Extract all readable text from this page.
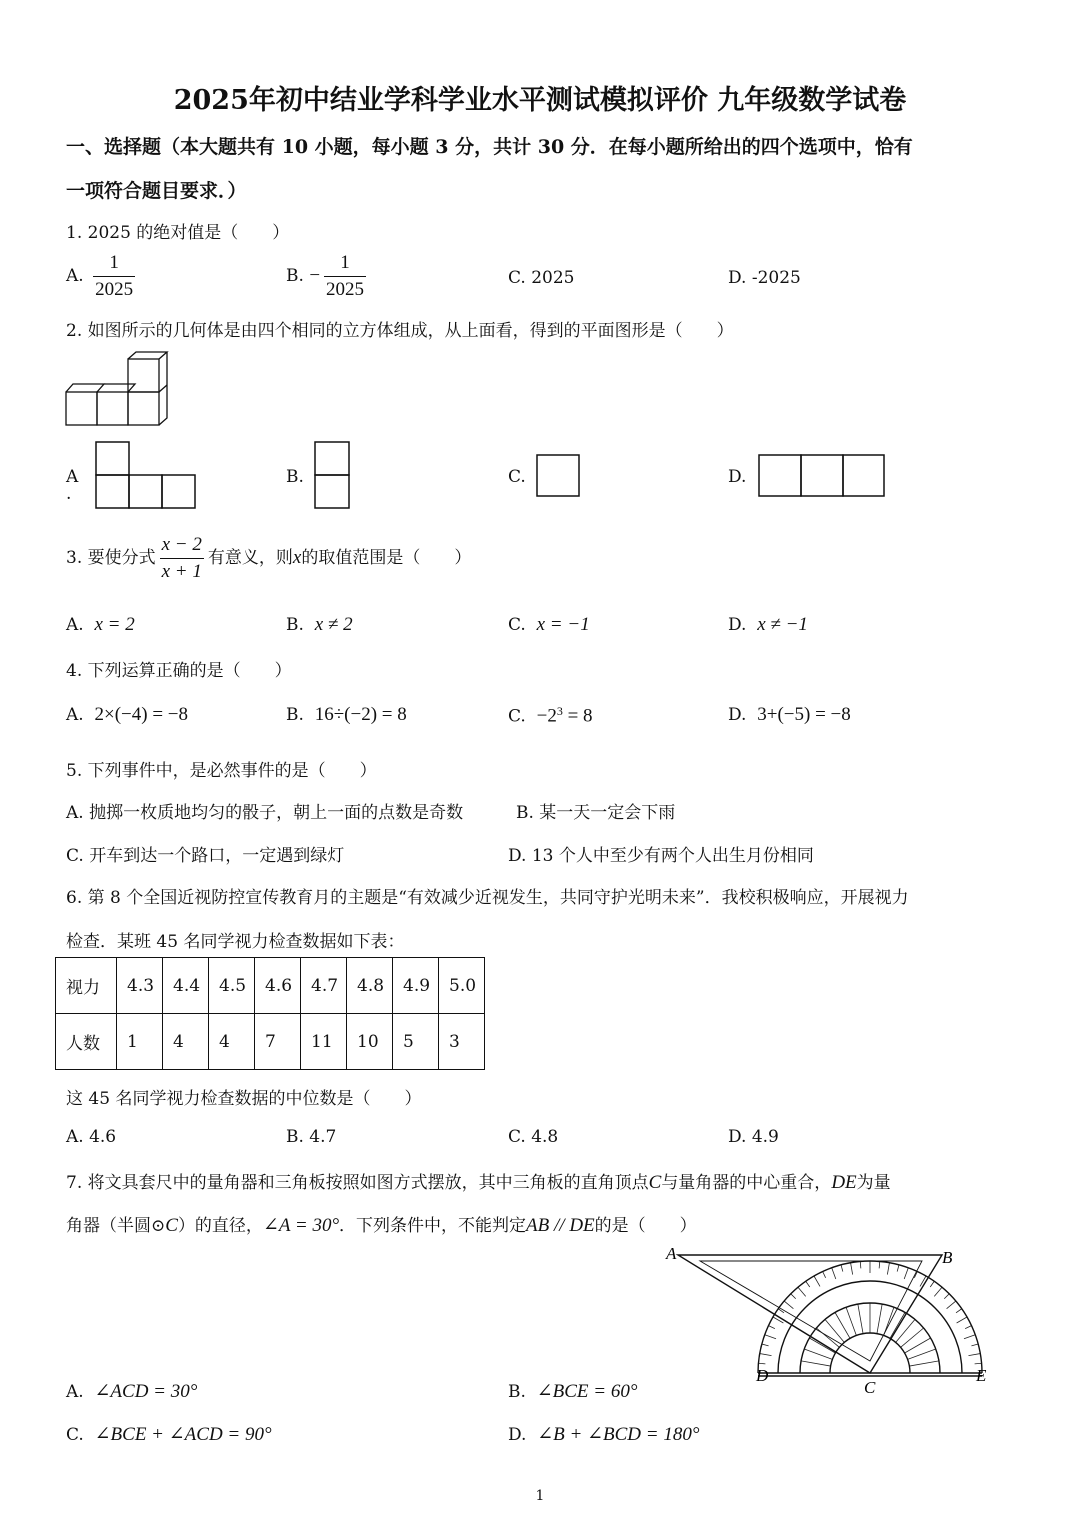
2025年初中结业学科学业水平测试模拟评价 九年级数学试卷
一、选择题（本大题共有 10 小题，每小题 3 分，共计 30 分．在每小题所给出的四个选项中，恰有
一项符合题目要求．）
1. 2025 的绝对值是（　　）
A. $\frac{1}{2025}$	B. − $\frac{1}{2025}$	C. 2025	D. -2025
2. 如图所示的几何体是由四个相同的立方体组成，从上面看，得到的平面图形是（　　）
A
.
B.	C.	D.
3. 要使分式 $\frac{x - 2}{x + 1}$ 有意义，则x的取值范围是（　　）
A. x = 2	B. x ≠ 2	C. x = −1	D. x ≠ −1
4. 下列运算正确的是（　　）
A. 2×(−4) = −8	B. 16÷(−2) = 8	C. $-2^3 = 8$	D. 3+(−5) = −8
5. 下列事件中，是必然事件的是（　　）
A. 抛掷一枚质地均匀的骰子，朝上一面的点数是奇数	B. 某一天一定会下雨
C. 开车到达一个路口，一定遇到绿灯	D. 13 个人中至少有两个人出生月份相同
6. 第 8 个全国近视防控宣传教育月的主题是“有效减少近视发生，共同守护光明未来”．我校积极响应，开展视力
检查．某班 45 名同学视力检查数据如下表：
视力	4.3	4.4	4.5	4.6	4.7	4.8	4.9	5.0
人数	1	4	4	7	11	10	5	3
这 45 名同学视力检查数据的中位数是（　　）
A. 4.6	B. 4.7	C. 4.8	D. 4.9
7. 将文具套尺中的量角器和三角板按照如图方式摆放，其中三角板的直角顶点C与量角器的中心重合，DE为量
角器（半圆⊙C）的直径，∠A = 30°．下列条件中，不能判定AB // DE的是（　　）
A	B
C
D	E
A. ∠ACD = 30°	B. ∠BCE = 60°
C. ∠BCE + ∠ACD = 90°	D. ∠B + ∠BCD = 180°
1
